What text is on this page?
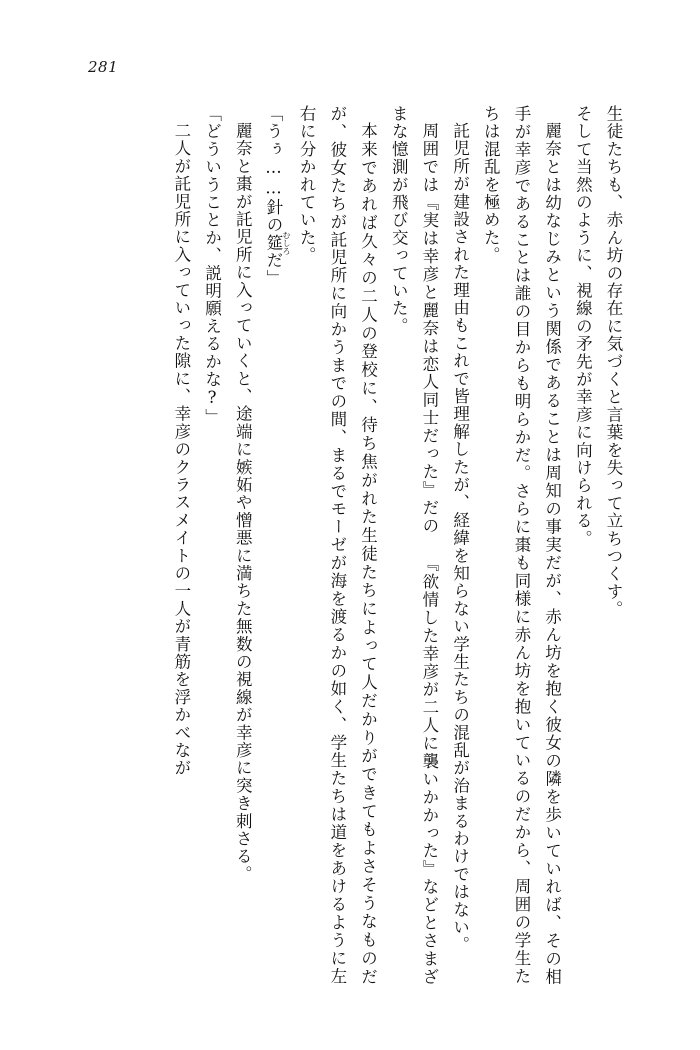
281

生徒たちも、赤ん坊の存在に気づくと言葉を失って立ちつくす。

そして当然のように、視線の矛先が幸彦に向けられる。

麗奈とは幼なじみという関係であることは周知の事実だが、赤ん坊を抱く彼女の隣を歩いていれば、その相手が幸彦であることは誰の目からも明らかだ。さらに棗も同様に赤ん坊を抱いているのだから、周囲の学生たちは混乱を極めた。

託児所が建設された理由もこれで皆理解したが、経緯を知らない学生たちの混乱が治まるわけではない。

周囲では『実は幸彦と麗奈は恋人同士だった』だの 『欲情した幸彦が二人に襲いかかった』などとさまざまな憶測が飛び交っていた。

本来であれば久々の二人の登校に、待ち焦がれた生徒たちによって人だかりができてもよさそうなものだが、彼女たちが託児所に向かうまでの間、まるでモーゼが海を渡るかの如く、学生たちは道をあけるように左右に分かれていた。

「うぅ……針の筵 むしろだ」

麗奈と棗が託児所に入っていくと、途端に嫉妬や憎悪に満ちた無数の視線が幸彦に突き刺さる。

「どういうことか、説明願えるかな?」

二人が託児所に入っていった隙に、幸彦のクラスメイトの一人が青筋を浮かべなが
